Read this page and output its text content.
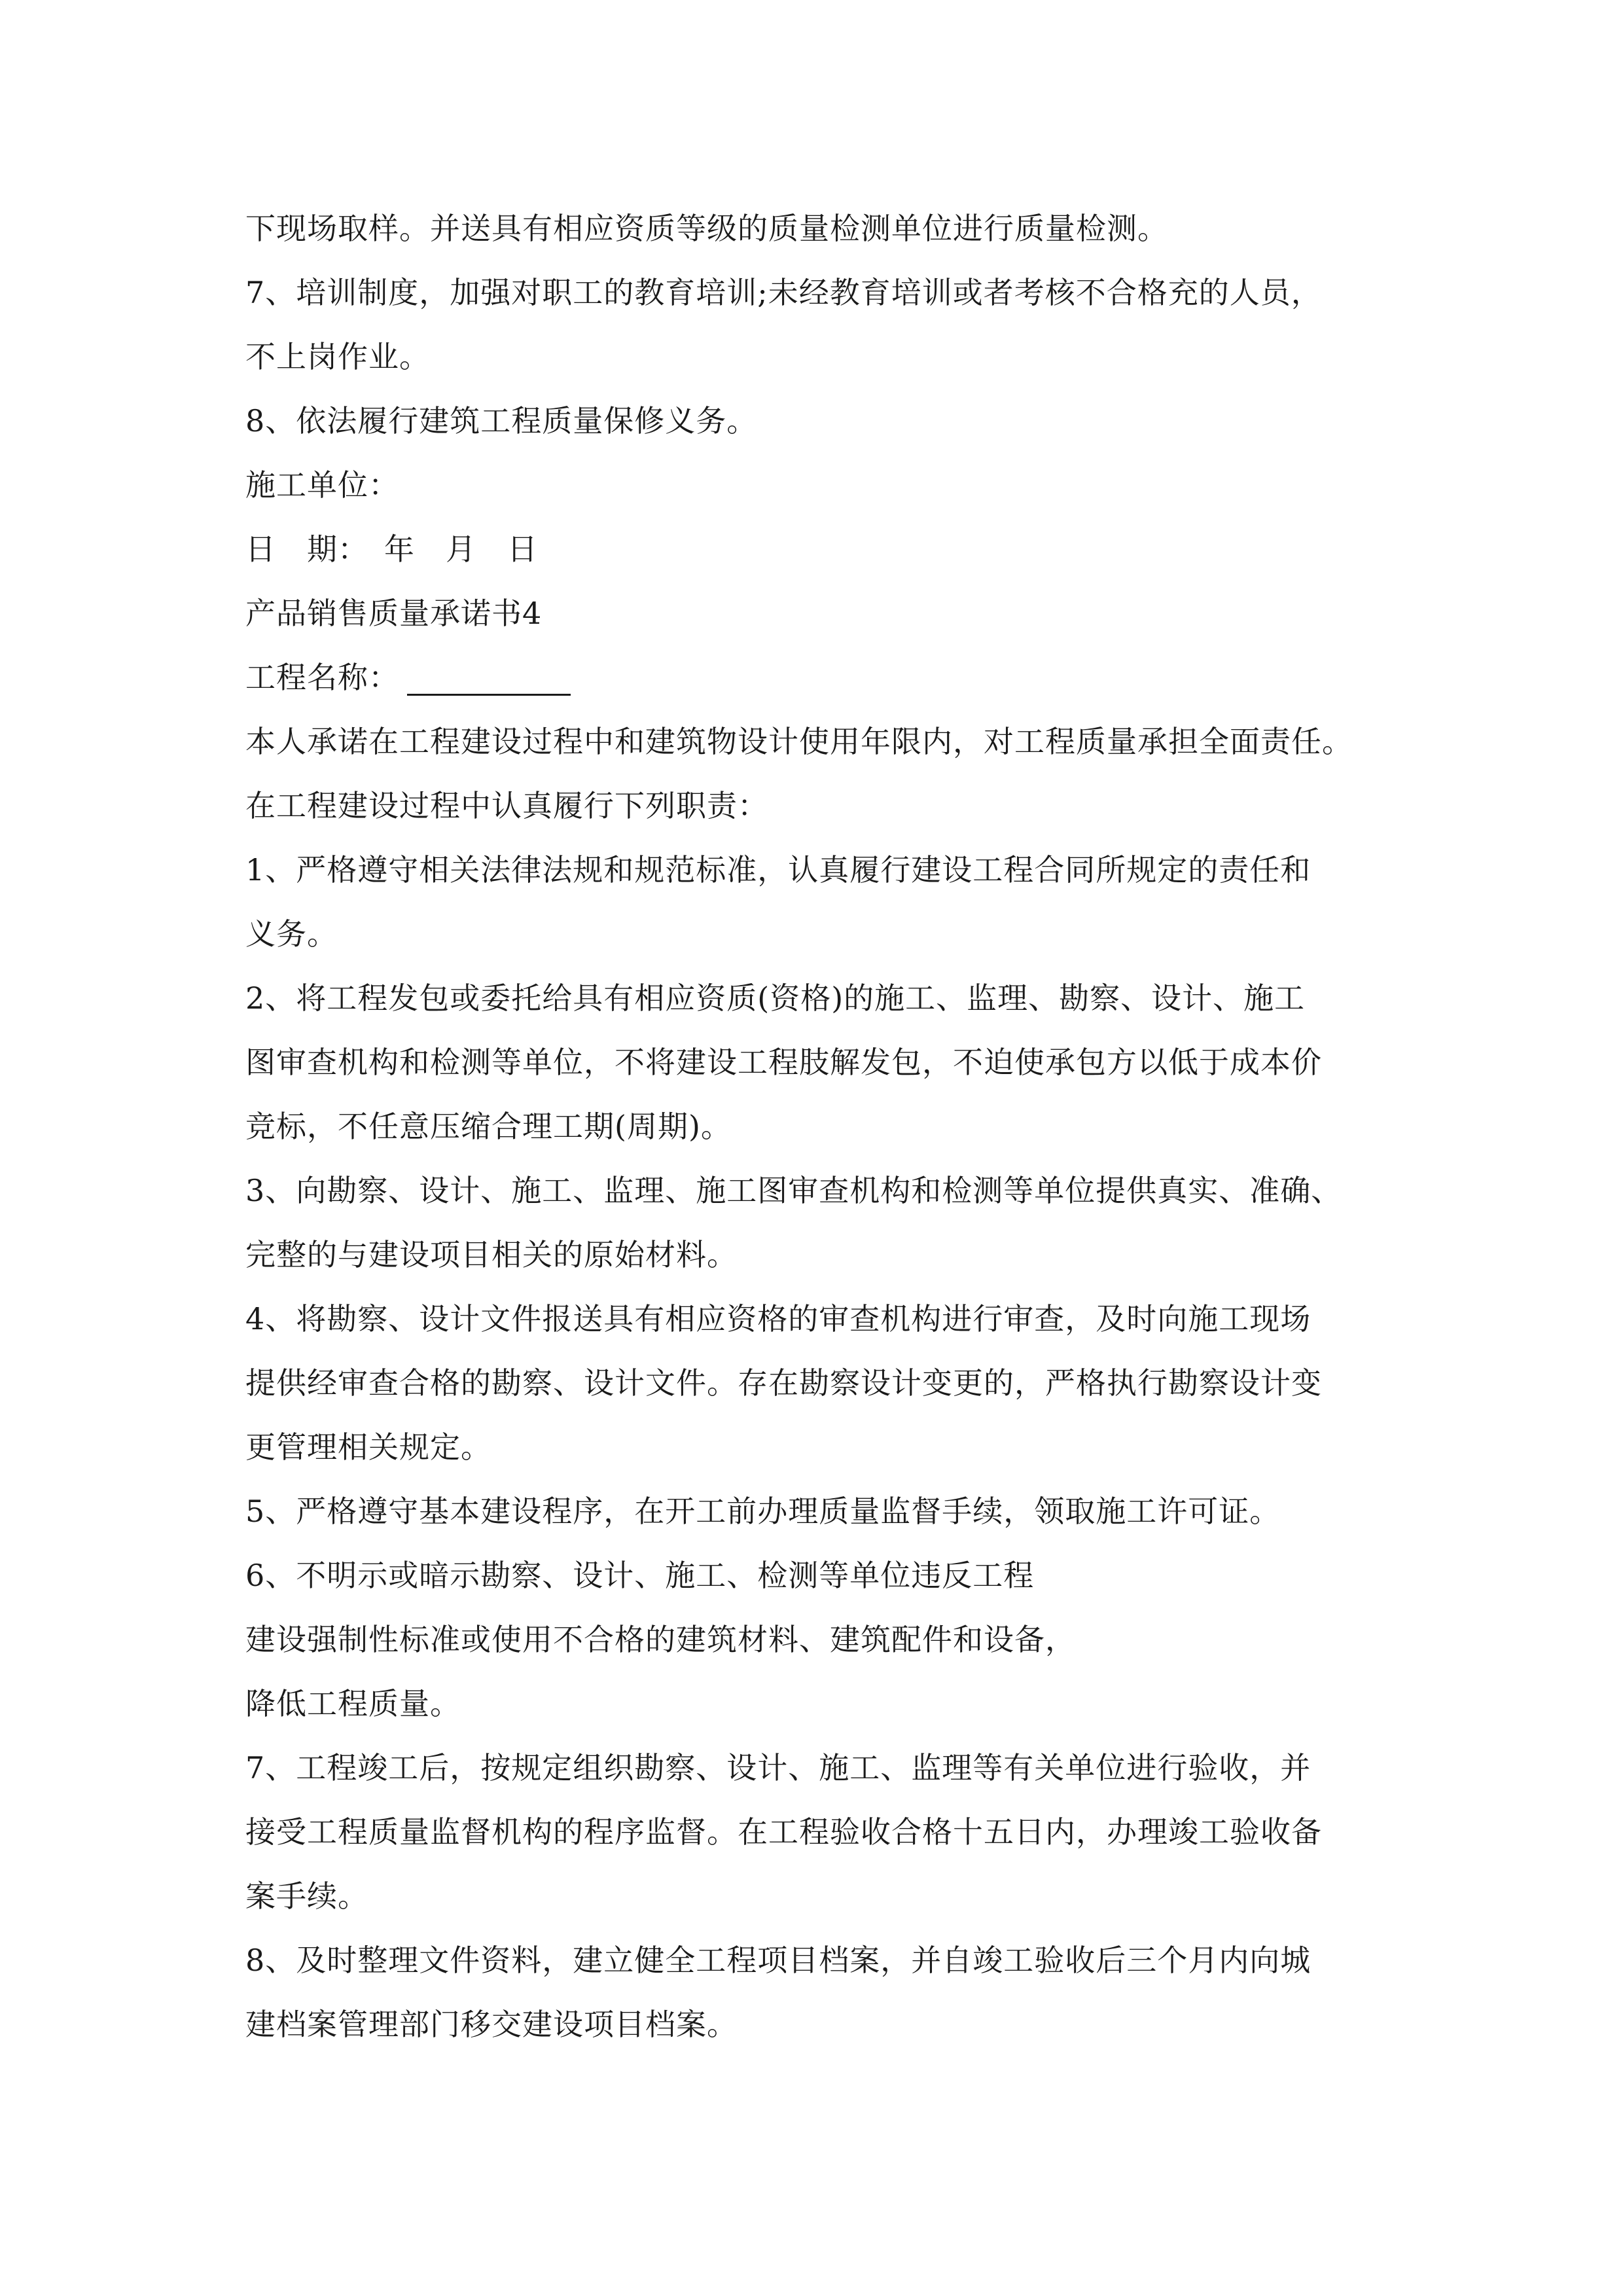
下现场取样。并送具有相应资质等级的质量检测单位进行质量检测。
7、培训制度，加强对职工的教育培训;未经教育培训或者考核不合格充的人员，
不上岗作业。
8、依法履行建筑工程质量保修义务。
施工单位：
日　期：　年　月　日
产品销售质量承诺书4
工程名称：
本人承诺在工程建设过程中和建筑物设计使用年限内，对工程质量承担全面责任。
在工程建设过程中认真履行下列职责：
1、严格遵守相关法律法规和规范标准，认真履行建设工程合同所规定的责任和
义务。
2、将工程发包或委托给具有相应资质(资格)的施工、监理、勘察、设计、施工
图审查机构和检测等单位，不将建设工程肢解发包，不迫使承包方以低于成本价
竞标，不任意压缩合理工期(周期)。
3、向勘察、设计、施工、监理、施工图审查机构和检测等单位提供真实、准确、
完整的与建设项目相关的原始材料。
4、将勘察、设计文件报送具有相应资格的审查机构进行审查，及时向施工现场
提供经审查合格的勘察、设计文件。存在勘察设计变更的，严格执行勘察设计变
更管理相关规定。
5、严格遵守基本建设程序，在开工前办理质量监督手续，领取施工许可证。
6、不明示或暗示勘察、设计、施工、检测等单位违反工程
建设强制性标准或使用不合格的建筑材料、建筑配件和设备，
降低工程质量。
7、工程竣工后，按规定组织勘察、设计、施工、监理等有关单位进行验收，并
接受工程质量监督机构的程序监督。在工程验收合格十五日内，办理竣工验收备
案手续。
8、及时整理文件资料，建立健全工程项目档案，并自竣工验收后三个月内向城
建档案管理部门移交建设项目档案。
